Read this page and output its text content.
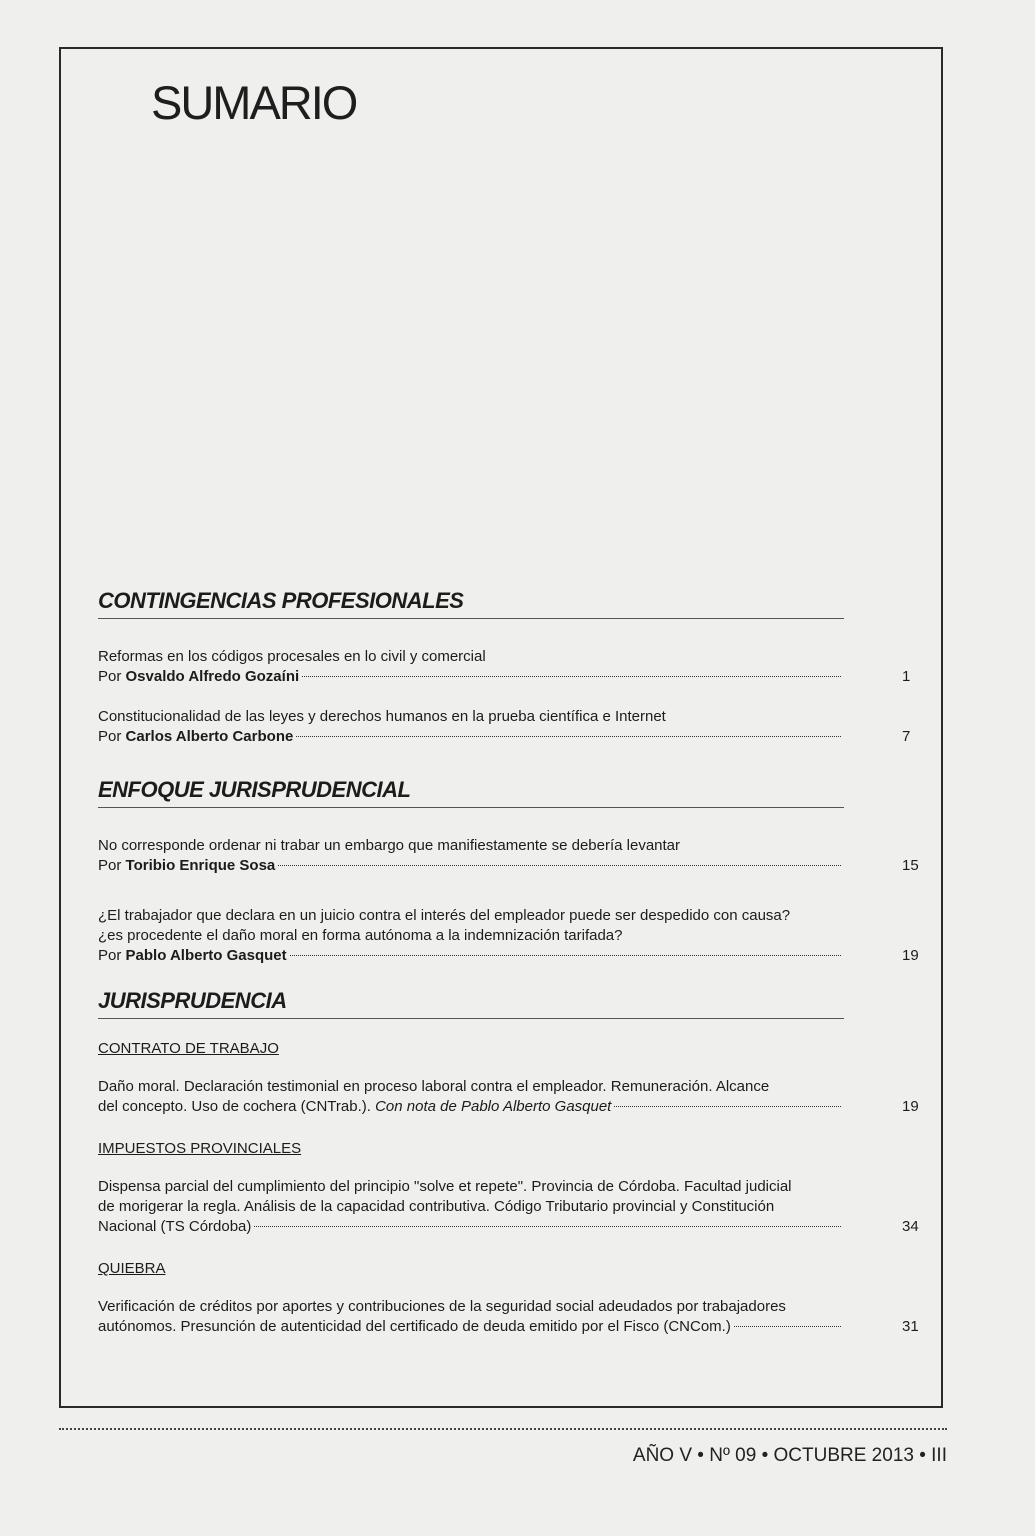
SUMARIO
CONTINGENCIAS PROFESIONALES
Reformas en los códigos procesales en lo civil y comercial
Por Osvaldo Alfredo Gozaíni	1
Constitucionalidad de las leyes y derechos humanos en la prueba científica e Internet
Por Carlos Alberto Carbone	7
ENFOQUE JURISPRUDENCIAL
No corresponde ordenar ni trabar un embargo que manifiestamente se debería levantar
Por Toribio Enrique Sosa	15
¿El trabajador que declara en un juicio contra el interés del empleador puede ser despedido con causa?
¿es procedente el daño moral en forma autónoma a la indemnización tarifada?
Por Pablo Alberto Gasquet	19
JURISPRUDENCIA
CONTRATO DE TRABAJO
Daño moral. Declaración testimonial en proceso laboral contra el empleador. Remuneración. Alcance
del concepto. Uso de cochera (CNTrab.). Con nota de Pablo Alberto Gasquet	19
IMPUESTOS PROVINCIALES
Dispensa parcial del cumplimiento del principio "solve et repete". Provincia de Córdoba. Facultad judicial
de morigerar la regla. Análisis de la capacidad contributiva. Código Tributario provincial y Constitución
Nacional (TS Córdoba)	34
QUIEBRA
Verificación de créditos por aportes y contribuciones de la seguridad social adeudados por trabajadores
autónomos. Presunción de autenticidad del certificado de deuda emitido por el Fisco (CNCom.)	31
AÑO V • Nº 09 • OCTUBRE 2013 • III
